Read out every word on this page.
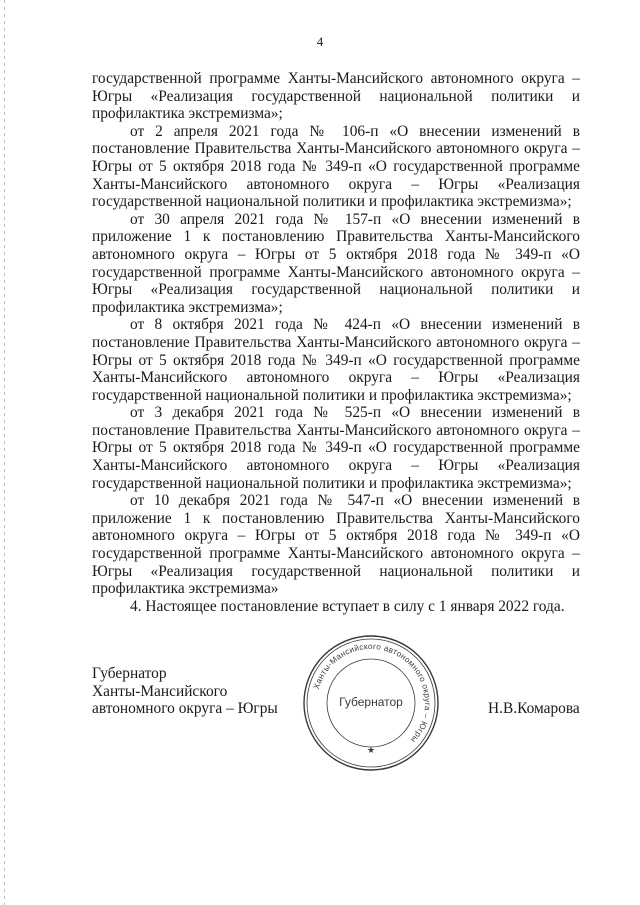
4

государственной программе Ханты-Мансийского автономного округа – Югры «Реализация государственной национальной политики и профилактика экстремизма»;

от 2 апреля 2021 года № 106-п «О внесении изменений в постановление Правительства Ханты-Мансийского автономного округа – Югры от 5 октября 2018 года № 349-п «О государственной программе Ханты-Мансийского автономного округа – Югры «Реализация государственной национальной политики и профилактика экстремизма»;

от 30 апреля 2021 года № 157-п «О внесении изменений в приложение 1 к постановлению Правительства Ханты-Мансийского автономного округа – Югры от 5 октября 2018 года № 349-п «О государственной программе Ханты-Мансийского автономного округа – Югры «Реализация государственной национальной политики и профилактика экстремизма»;

от 8 октября 2021 года № 424-п «О внесении изменений в постановление Правительства Ханты-Мансийского автономного округа – Югры от 5 октября 2018 года № 349-п «О государственной программе Ханты-Мансийского автономного округа – Югры «Реализация государственной национальной политики и профилактика экстремизма»;

от 3 декабря 2021 года № 525-п «О внесении изменений в постановление Правительства Ханты-Мансийского автономного округа – Югры от 5 октября 2018 года № 349-п «О государственной программе Ханты-Мансийского автономного округа – Югры «Реализация государственной национальной политики и профилактика экстремизма»;

от 10 декабря 2021 года № 547-п «О внесении изменений в приложение 1 к постановлению Правительства Ханты-Мансийского автономного округа – Югры от 5 октября 2018 года № 349-п «О государственной программе Ханты-Мансийского автономного округа – Югры «Реализация государственной национальной политики и профилактика экстремизма»

4. Настоящее постановление вступает в силу с 1 января 2022 года.

Губернатор
Ханты-Мансийского
автономного округа – Югры
Ханты-Мансийского автономного округа – Югры
Губернатор
★
Н.В.Комарова
